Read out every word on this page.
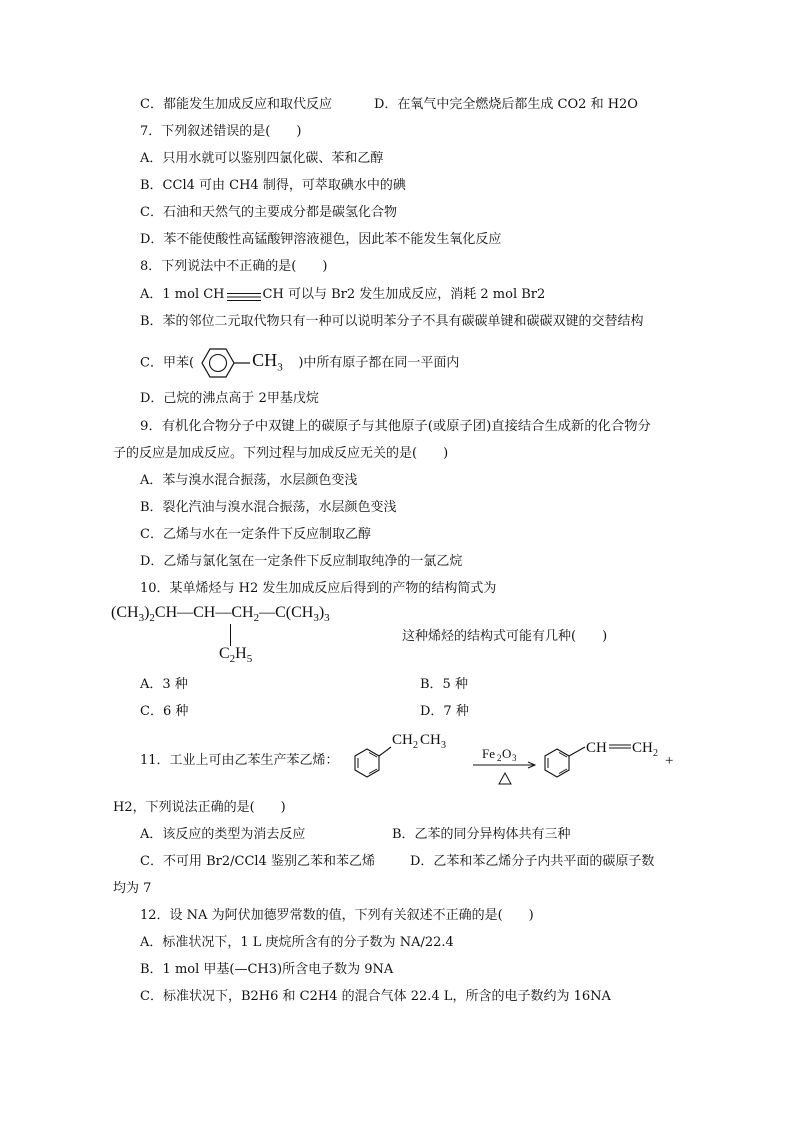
C．都能发生加成反应和取代反应	D．在氧气中完全燃烧后都生成 CO2 和 H2O
7．下列叙述错误的是(　　)
A．只用水就可以鉴别四氯化碳、苯和乙醇
B．CCl4 可由 CH4 制得，可萃取碘水中的碘
C．石油和天然气的主要成分都是碳氢化合物
D．苯不能使酸性高锰酸钾溶液褪色，因此苯不能发生氧化反应
8．下列说法中不正确的是(　　)
A．1 mol CH	CH 可以与 Br2 发生加成反应，消耗 2 mol Br2
B．苯的邻位二元取代物只有一种可以说明苯分子不具有碳碳单键和碳碳双键的交替结构
C．甲苯(	$CH_3$ )中所有原子都在同一平面内
D．己烷的沸点高于 2甲基戊烷
9．有机化合物分子中双键上的碳原子与其他原子(或原子团)直接结合生成新的化合物分
子的反应是加成反应。下列过程与加成反应无关的是(　　)
A．苯与溴水混合振荡，水层颜色变浅
B．裂化汽油与溴水混合振荡，水层颜色变浅
C．乙烯与水在一定条件下反应制取乙醇
D．乙烯与氯化氢在一定条件下反应制取纯净的一氯乙烷
10．某单烯烃与 H2 发生加成反应后得到的产物的结构简式为
$(CH_3)_2CH—CH—CH_2—C(CH_3)_3$
$C_2H_5$
这种烯烃的结构式可能有几种(　　)
A．3 种	B．5 种
C．6 种	D．7 种
11．工业上可由乙苯生产苯乙烯：
CH 2 CH 3
Fe 2 O 3
CH CH 2 +
H2，下列说法正确的是(　　)
A．该反应的类型为消去反应	B．乙苯的同分异构体共有三种
C．不可用 Br2/CCl4 鉴别乙苯和苯乙烯	D．乙苯和苯乙烯分子内共平面的碳原子数
均为 7
12．设 NA 为阿伏加德罗常数的值，下列有关叙述不正确的是(　　)
A．标准状况下，1 L 庚烷所含有的分子数为 NA/22.4
B．1 mol 甲基(—CH3)所含电子数为 9NA
C．标准状况下，B2H6 和 C2H4 的混合气体 22.4 L，所含的电子数约为 16NA
